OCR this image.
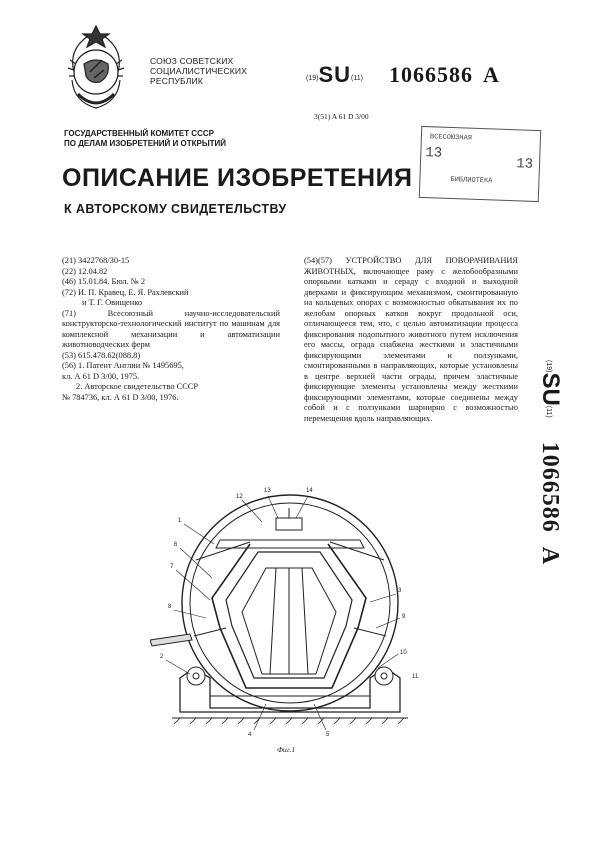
СОЮЗ СОВЕТСКИХ
СОЦИАЛИСТИЧЕСКИХ
РЕСПУБЛИК	(19)SU(11) 1066586 A
3(51) A 61 D 3/00
ВСЕСОЮЗНАЯ
13
13
БИБЛИОТЕКА
ГОСУДАРСТВЕННЫЙ КОМИТЕТ СССР
ПО ДЕЛАМ ИЗОБРЕТЕНИЙ И ОТКРЫТИЙ
ОПИСАНИЕ ИЗОБРЕТЕНИЯ
К АВТОРСКОМУ СВИДЕТЕЛЬСТВУ
(21) 3422768/30-15
(22) 12.04.82
(46) 15.01.84. Бюл. № 2
(72) И. П. Кравец, Е. Я. Рахлевский
и Т. Г. Овищенко
(71) Всесоюзный научно-исследовательский конструкторско-технологический институт по машинам для комплексной механизации и автоматизации животноводческих ферм
(53) 615.478.62(088.8)
(56) 1. Патент Англии № 1495695,
кл. А 61 D 3/00, 1975.
2. Авторское свидетельство СССР
№ 784736, кл. А 61 D 3/00, 1976.

(54)(57) УСТРОЙСТВО ДЛЯ ПОВОРАЧИВАНИЯ ЖИВОТНЫХ, включающее раму с желобообразными опорными катками и сераду с входной и выходной дверками и фиксирующим механизмом, смонтированную на кольцевых опорах с возможностью обкатывания их по желобам опорных катков вокруг продольной оси, отличающееся тем, что, с целью автоматизации процесса фиксирования подопытного животного путем исключения его массы, ограда снабжена жесткими и эластичными фиксирующими элементами и ползунками, смонтированными в направляющих, которые установлены в центре верхней части ограды, причем эластичные фиксирующие элементы установлены между жесткими фиксирующими элементами, которые соединены между собой и с ползунками шарнирно с возможностью перемещения вдоль направляющих.

$^{(19)}$SU$^{(11)}$1066586A
12
13	14
1
6
7
8
2
4	5
3
9
10
11
Фиг.1
